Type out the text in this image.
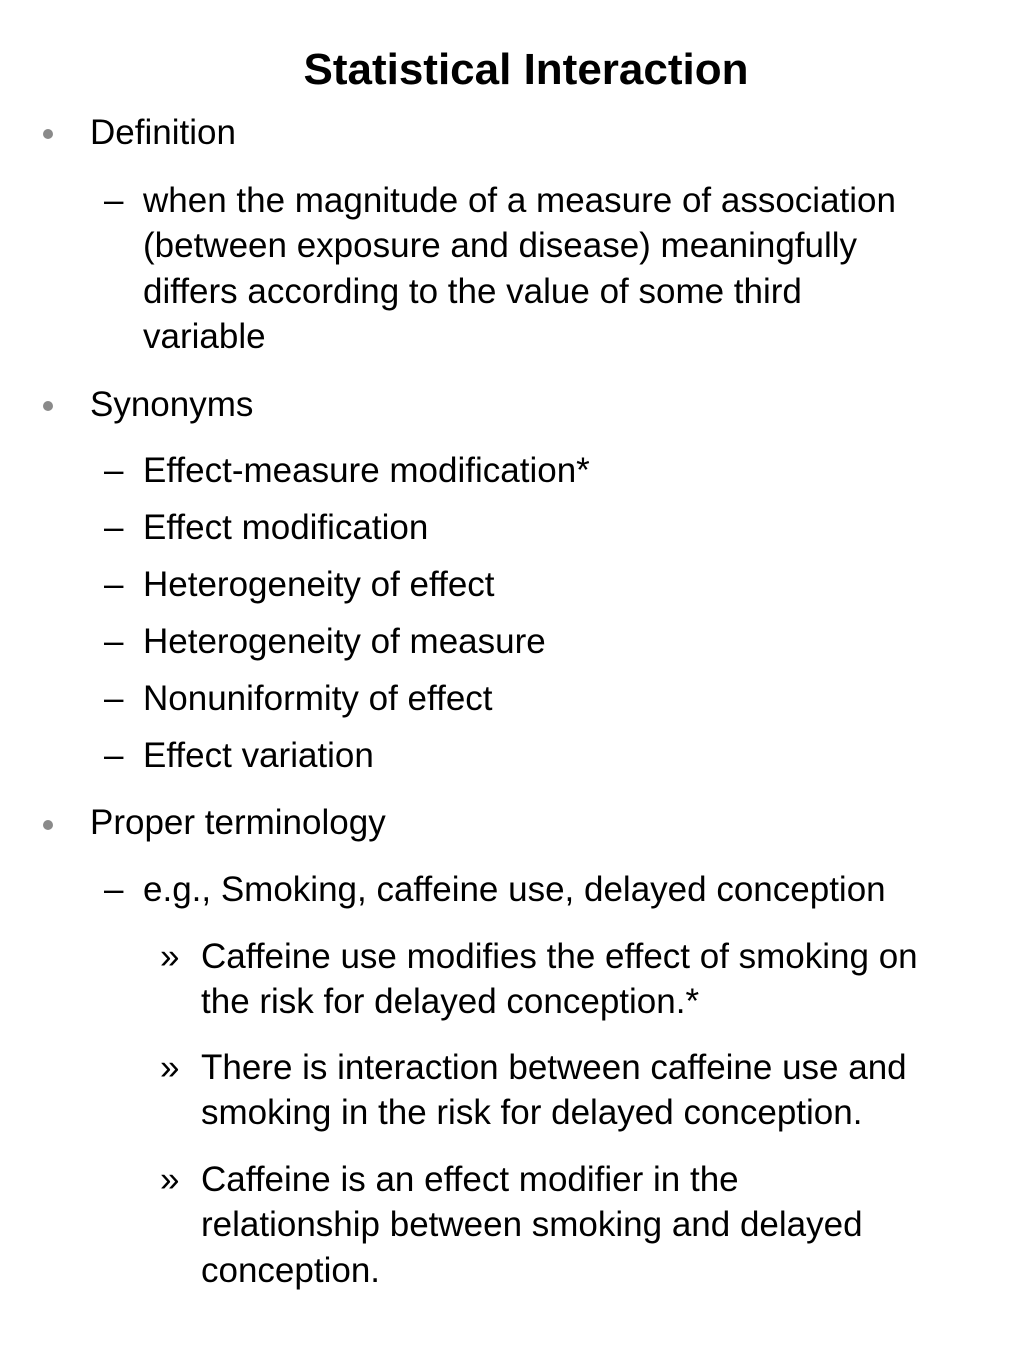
Statistical Interaction
Definition
– when the magnitude of a measure of association
(between exposure and disease) meaningfully
differs according to the value of some third
variable
Synonyms
– Effect-measure modification*
– Effect modification
– Heterogeneity of effect
– Heterogeneity of measure
– Nonuniformity of effect
– Effect variation
Proper terminology
– e.g., Smoking, caffeine use, delayed conception
» Caffeine use modifies the effect of smoking on
the risk for delayed conception.*
» There is interaction between caffeine use and
smoking in the risk for delayed conception.
» Caffeine is an effect modifier in the
relationship between smoking and delayed
conception.
